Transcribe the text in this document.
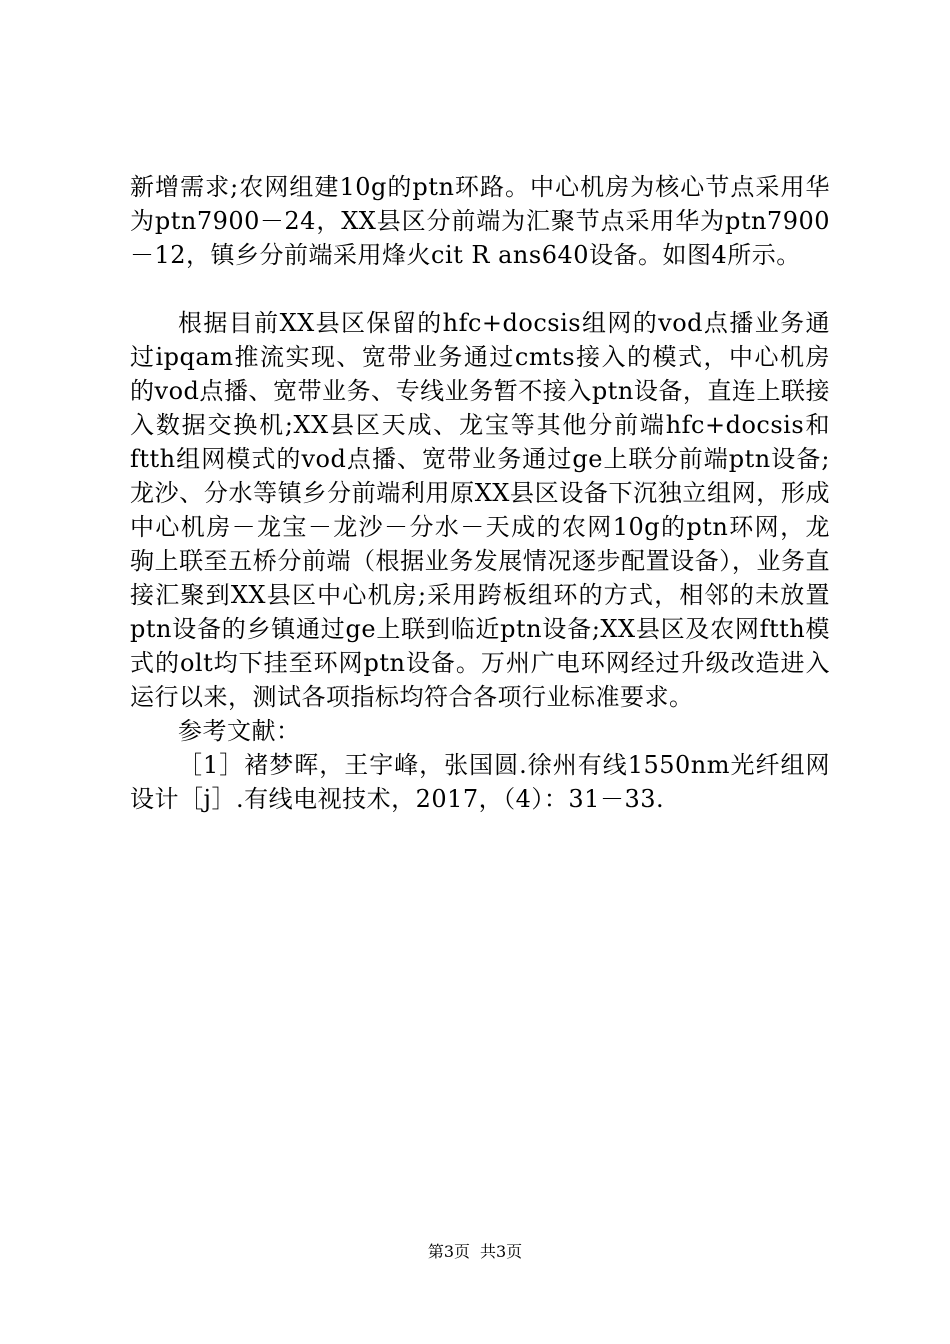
新增需求;农网组建10g的ptn环路。中心机房为核心节点采用华为ptn7900－24，XX县区分前端为汇聚节点采用华为ptn7900－12，镇乡分前端采用烽火cit R ans640设备。如图4所示。

根据目前XX县区保留的hfc+docsis组网的vod点播业务通过ipqam推流实现、宽带业务通过cmts接入的模式，中心机房的vod点播、宽带业务、专线业务暂不接入ptn设备，直连上联接入数据交换机;XX县区天成、龙宝等其他分前端hfc+docsis和ftth组网模式的vod点播、宽带业务通过ge上联分前端ptn设备;龙沙、分水等镇乡分前端利用原XX县区设备下沉独立组网，形成中心机房－龙宝－龙沙－分水－天成的农网10g的ptn环网，龙驹上联至五桥分前端（根据业务发展情况逐步配置设备），业务直接汇聚到XX县区中心机房;采用跨板组环的方式，相邻的未放置ptn设备的乡镇通过ge上联到临近ptn设备;XX县区及农网ftth模式的olt均下挂至环网ptn设备。万州广电环网经过升级改造进入运行以来，测试各项指标均符合各项行业标准要求。

参考文献：

［1］褚梦晖，王宇峰，张国圆.徐州有线1550nm光纤组网设计［j］.有线电视技术，2017，（4）：31－33.

第3页 共3页
